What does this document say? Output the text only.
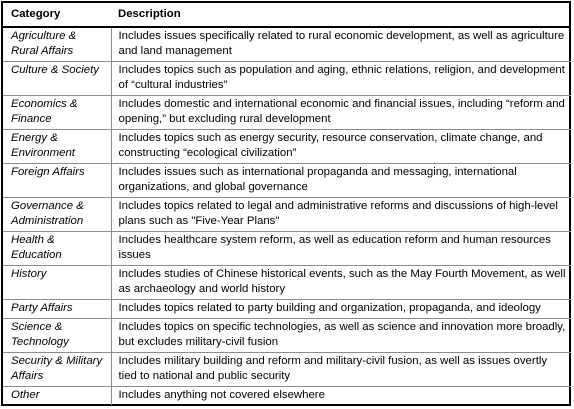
Category	Description
Agriculture & Rural Affairs	Includes issues specifically related to rural economic development, as well as agriculture and land management
Culture & Society	Includes topics such as population and aging, ethnic relations, religion, and development of “cultural industries”
Economics & Finance	Includes domestic and international economic and financial issues, including “reform and opening,” but excluding rural development
Energy & Environment	Includes topics such as energy security, resource conservation, climate change, and constructing “ecological civilization”
Foreign Affairs	Includes issues such as international propaganda and messaging, international organizations, and global governance
Governance & Administration	Includes topics related to legal and administrative reforms and discussions of high-level plans such as "Five-Year Plans"
Health & Education	Includes healthcare system reform, as well as education reform and human resources issues
History	Includes studies of Chinese historical events, such as the May Fourth Movement, as well as archaeology and world history
Party Affairs	Includes topics related to party building and organization, propaganda, and ideology
Science & Technology	Includes topics on specific technologies, as well as science and innovation more broadly, but excludes military-civil fusion
Security & Military Affairs	Includes military building and reform and military-civil fusion, as well as issues overtly tied to national and public security
Other	Includes anything not covered elsewhere
